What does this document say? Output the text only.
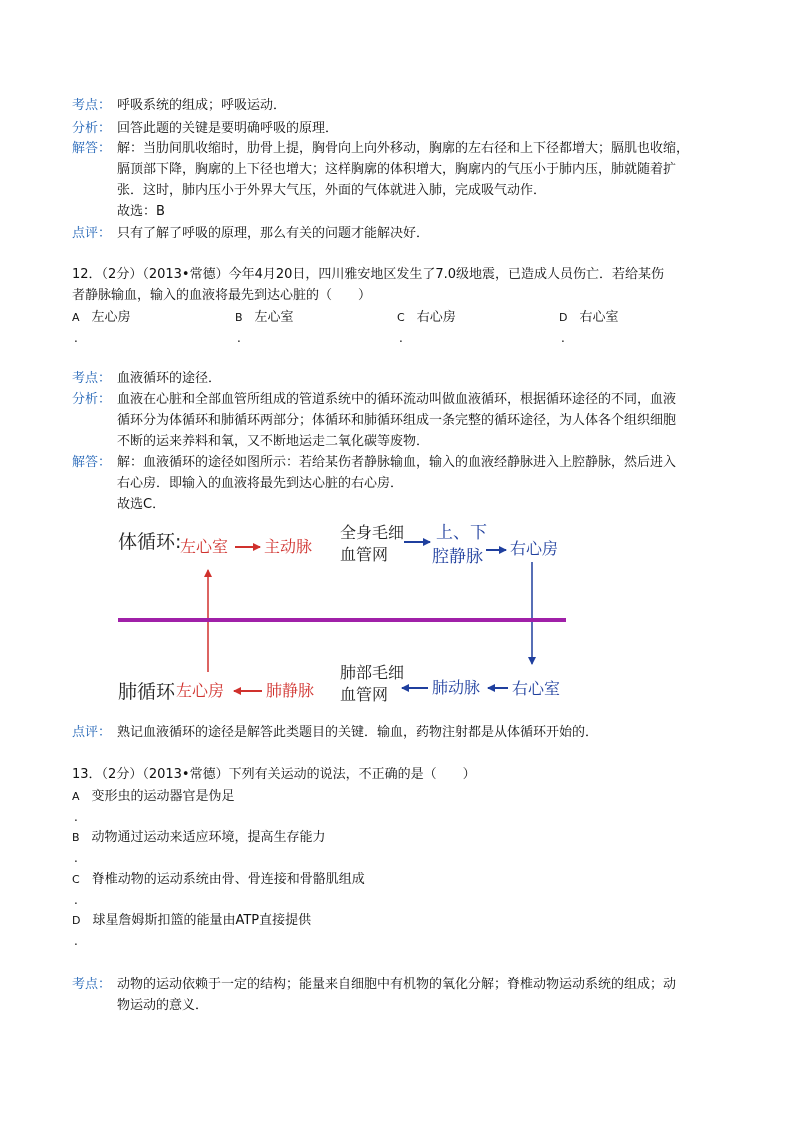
考点： 呼吸系统的组成；呼吸运动．
分析： 回答此题的关键是要明确呼吸的原理．
解答： 解：当肋间肌收缩时，肋骨上提，胸骨向上向外移动，胸廓的左右径和上下径都增大；膈肌也收缩，
膈顶部下降，胸廓的上下径也增大；这样胸廓的体积增大，胸廓内的气压小于肺内压，肺就随着扩
张．这时，肺内压小于外界大气压，外面的气体就进入肺，完成吸气动作．
故选：B
点评： 只有了解了呼吸的原理，那么有关的问题才能解决好．
12．（2分）（2013•常德）今年4月20日，四川雅安地区发生了7.0级地震，已造成人员伤亡．若给某伤
者静脉输血，输入的血液将最先到达心脏的（　　）
A 左心房	B 左心室	C 右心房	D 右心室
.	.	.	.
考点： 血液循环的途径．
分析： 血液在心脏和全部血管所组成的管道系统中的循环流动叫做血液循环，根据循环途径的不同，血液
循环分为体循环和肺循环两部分；体循环和肺循环组成一条完整的循环途径，为人体各个组织细胞
不断的运来养料和氧，又不断地运走二氧化碳等废物．
解答： 解：血液循环的途径如图所示：若给某伤者静脉输血，输入的血液经静脉进入上腔静脉，然后进入
右心房．即输入的血液将最先到达心脏的右心房．
故选C．
体循环:
左心室 主动脉
全身毛细
血管网
上、下
腔静脉 右心房
肺循环 左心房	肺静脉
肺部毛细
血管网	肺动脉 右心室
点评： 熟记血液循环的途径是解答此类题目的关键．输血，药物注射都是从体循环开始的．
13．（2分）（2013•常德）下列有关运动的说法，不正确的是（　　）
A 变形虫的运动器官是伪足
.
B 动物通过运动来适应环境，提高生存能力
.
C 脊椎动物的运动系统由骨、骨连接和骨骼肌组成
.
D 球星詹姆斯扣篮的能量由ATP直接提供
.
考点： 动物的运动依赖于一定的结构；能量来自细胞中有机物的氧化分解；脊椎动物运动系统的组成；动
物运动的意义．
